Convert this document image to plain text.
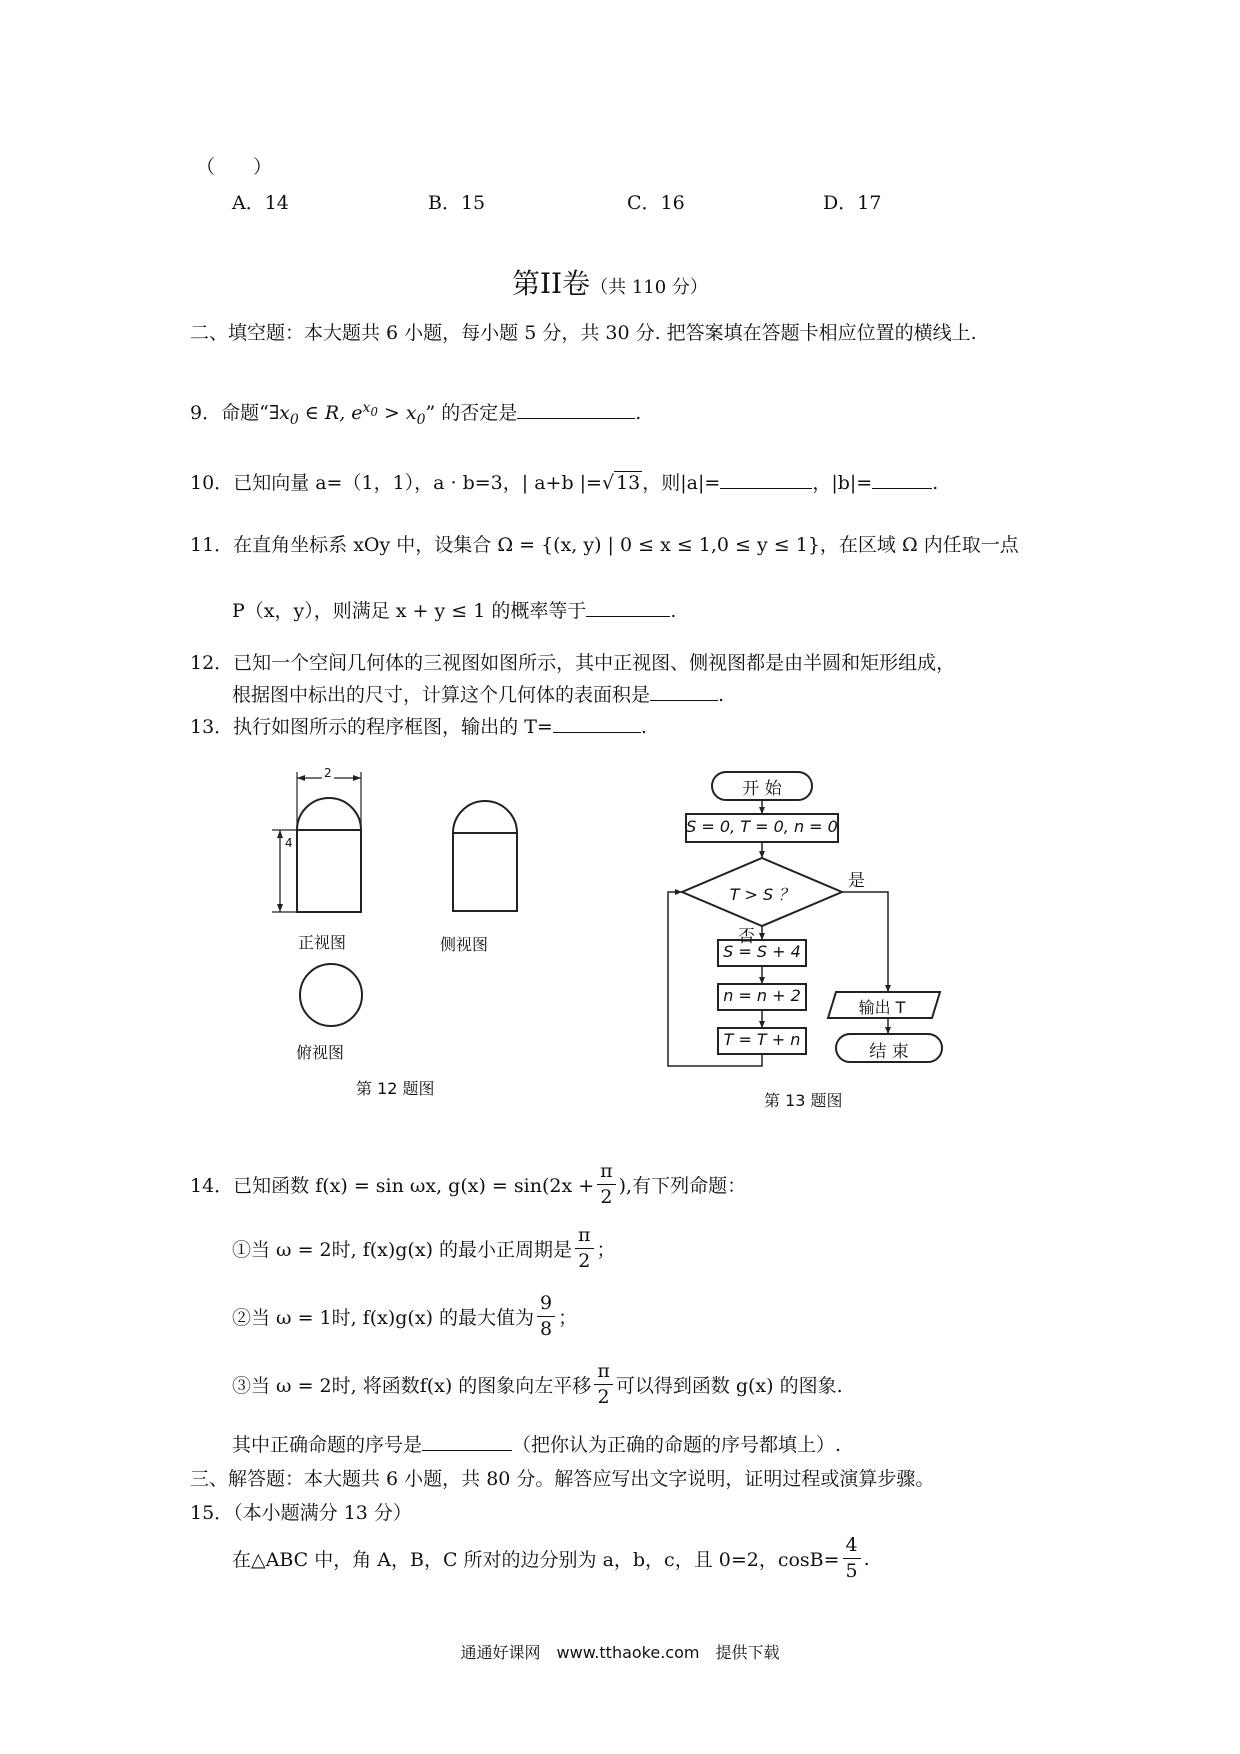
（　　）
A．14	B．15	C．16	D．17
第II卷（共 110 分）
二、填空题：本大题共 6 小题，每小题 5 分，共 30 分. 把答案填在答题卡相应位置的横线上.
9．命题“$\exists x_0$ ∈ R, $e^{x_0} > x_0$” 的否定是	.
10．已知向量 a=（1，1），a · b=3，| a+b |=√ 13 ，则|a|=	，|b|=	.
11．在直角坐标系 xOy 中，设集合 Ω = {(x, y) | 0 ≤ x ≤ 1,0 ≤ y ≤ 1}，在区域 Ω 内任取一点
P（x，y），则满足 x + y ≤ 1 的概率等于	.
12．已知一个空间几何体的三视图如图所示，其中正视图、侧视图都是由半圆和矩形组成，
根据图中标出的尺寸，计算这个几何体的表面积是	.
13．执行如图所示的程序框图，输出的 T=	.
2
4
正视图	侧视图
俯视图
第 12 题图
开 始
S = 0, T = 0, n = 0
T > S ？
是
否
S = S + 4
n = n + 2
T = T + n
输出 T
结 束
第 13 题图
14．已知函数 f(x) = sin ωx, $g(x) = \sin(2x + \frac{\pi}{2}$ ),有下列命题：
①当 ω = 2时, f(x)g(x) 的最小正周期是 $\frac{\pi}{2}$ ；
②当 ω = 1时, f(x)g(x) 的最大值为 $\frac{9}{8}$ ；
③当 ω = 2时, 将函数f(x) 的图象向左平移 $\frac{\pi}{2}$ 可以得到函数 g(x) 的图象.
其中正确命题的序号是	（把你认为正确的命题的序号都填上）.
三、解答题：本大题共 6 小题，共 80 分。解答应写出文字说明，证明过程或演算步骤。
15．（本小题满分 13 分）
在△ABC 中，角 A，B，C 所对的边分别为 a，b，c，且 0=2，$\cos B= \frac{4}{5}$ .
通通好课网　www.tthaoke.com　提供下载
